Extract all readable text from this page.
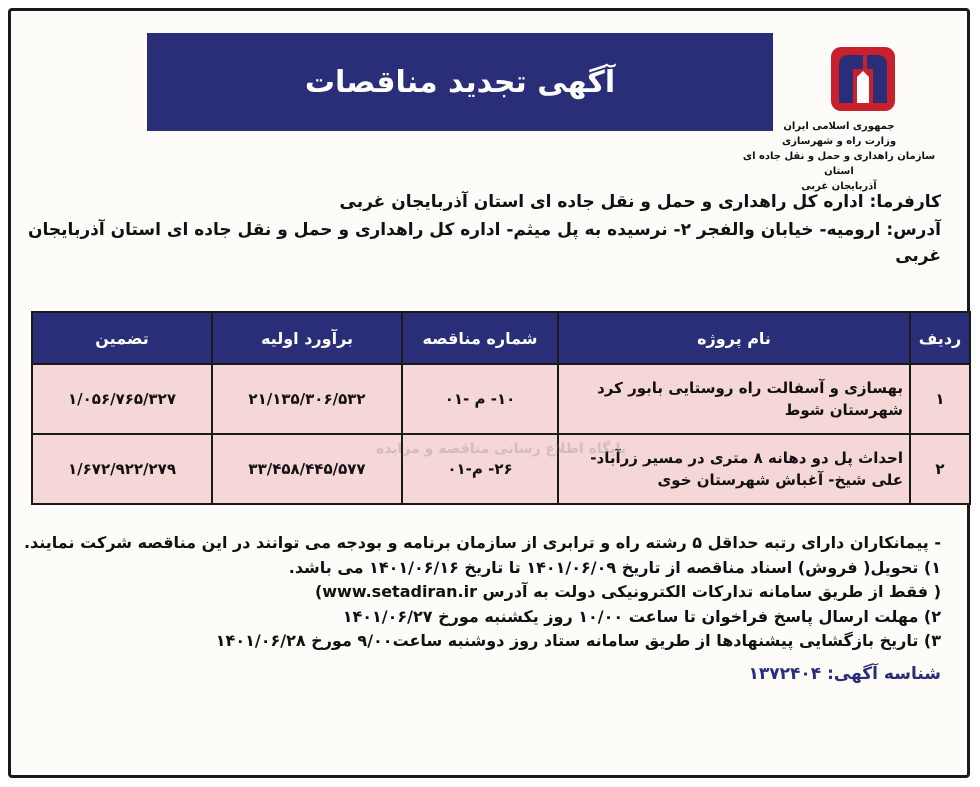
آگهی تجدید مناقصات
جمهوری اسلامی ایران
وزارت راه و شهرسازی
سازمان راهداری و حمل و نقل جاده ای استان
آذربایجان غربی
کارفرما: اداره کل راهداری و حمل و نقل جاده ای استان آذربایجان غربی
آدرس: ارومیه- خیابان والفجر ۲- نرسیده به پل میثم- اداره کل راهداری و حمل و نقل جاده ای استان آذربایجان غربی
ردیف	نام پروژه	شماره مناقصه	برآورد اولیه	تضمین
۱	بهسازی و آسفالت راه روستایی بابور کرد شهرستان شوط	۱۰- م -۰۱	۲۱/۱۳۵/۳۰۶/۵۳۲	۱/۰۵۶/۷۶۵/۳۲۷
۲	احداث پل دو دهانه ۸ متری در مسیر زرآباد- علی شیخ- آغباش شهرستان خوی	۲۶- م-۰۱	۳۳/۴۵۸/۴۴۵/۵۷۷	۱/۶۷۲/۹۲۲/۲۷۹
پایگاه اطلاع رسانی مناقصه و مزایده

- پیمانکاران دارای رتبه حداقل ۵ رشته راه و ترابری از سازمان برنامه و بودجه می توانند در این مناقصه شرکت نمایند.

۱) تحویل( فروش) اسناد مناقصه از تاریخ ۱۴۰۱/۰۶/۰۹ تا تاریخ ۱۴۰۱/۰۶/۱۶ می باشد.

( فقط از طریق سامانه تدارکات الکترونیکی دولت به آدرس www.setadiran.ir)

۲) مهلت ارسال پاسخ فراخوان تا ساعت ۱۰/۰۰ روز یکشنبه مورخ ۱۴۰۱/۰۶/۲۷

۳) تاریخ بازگشایی پیشنهادها از طریق سامانه ستاد روز دوشنبه ساعت۹/۰۰ مورخ ۱۴۰۱/۰۶/۲۸

شناسه آگهی: ۱۳۷۲۴۰۴
